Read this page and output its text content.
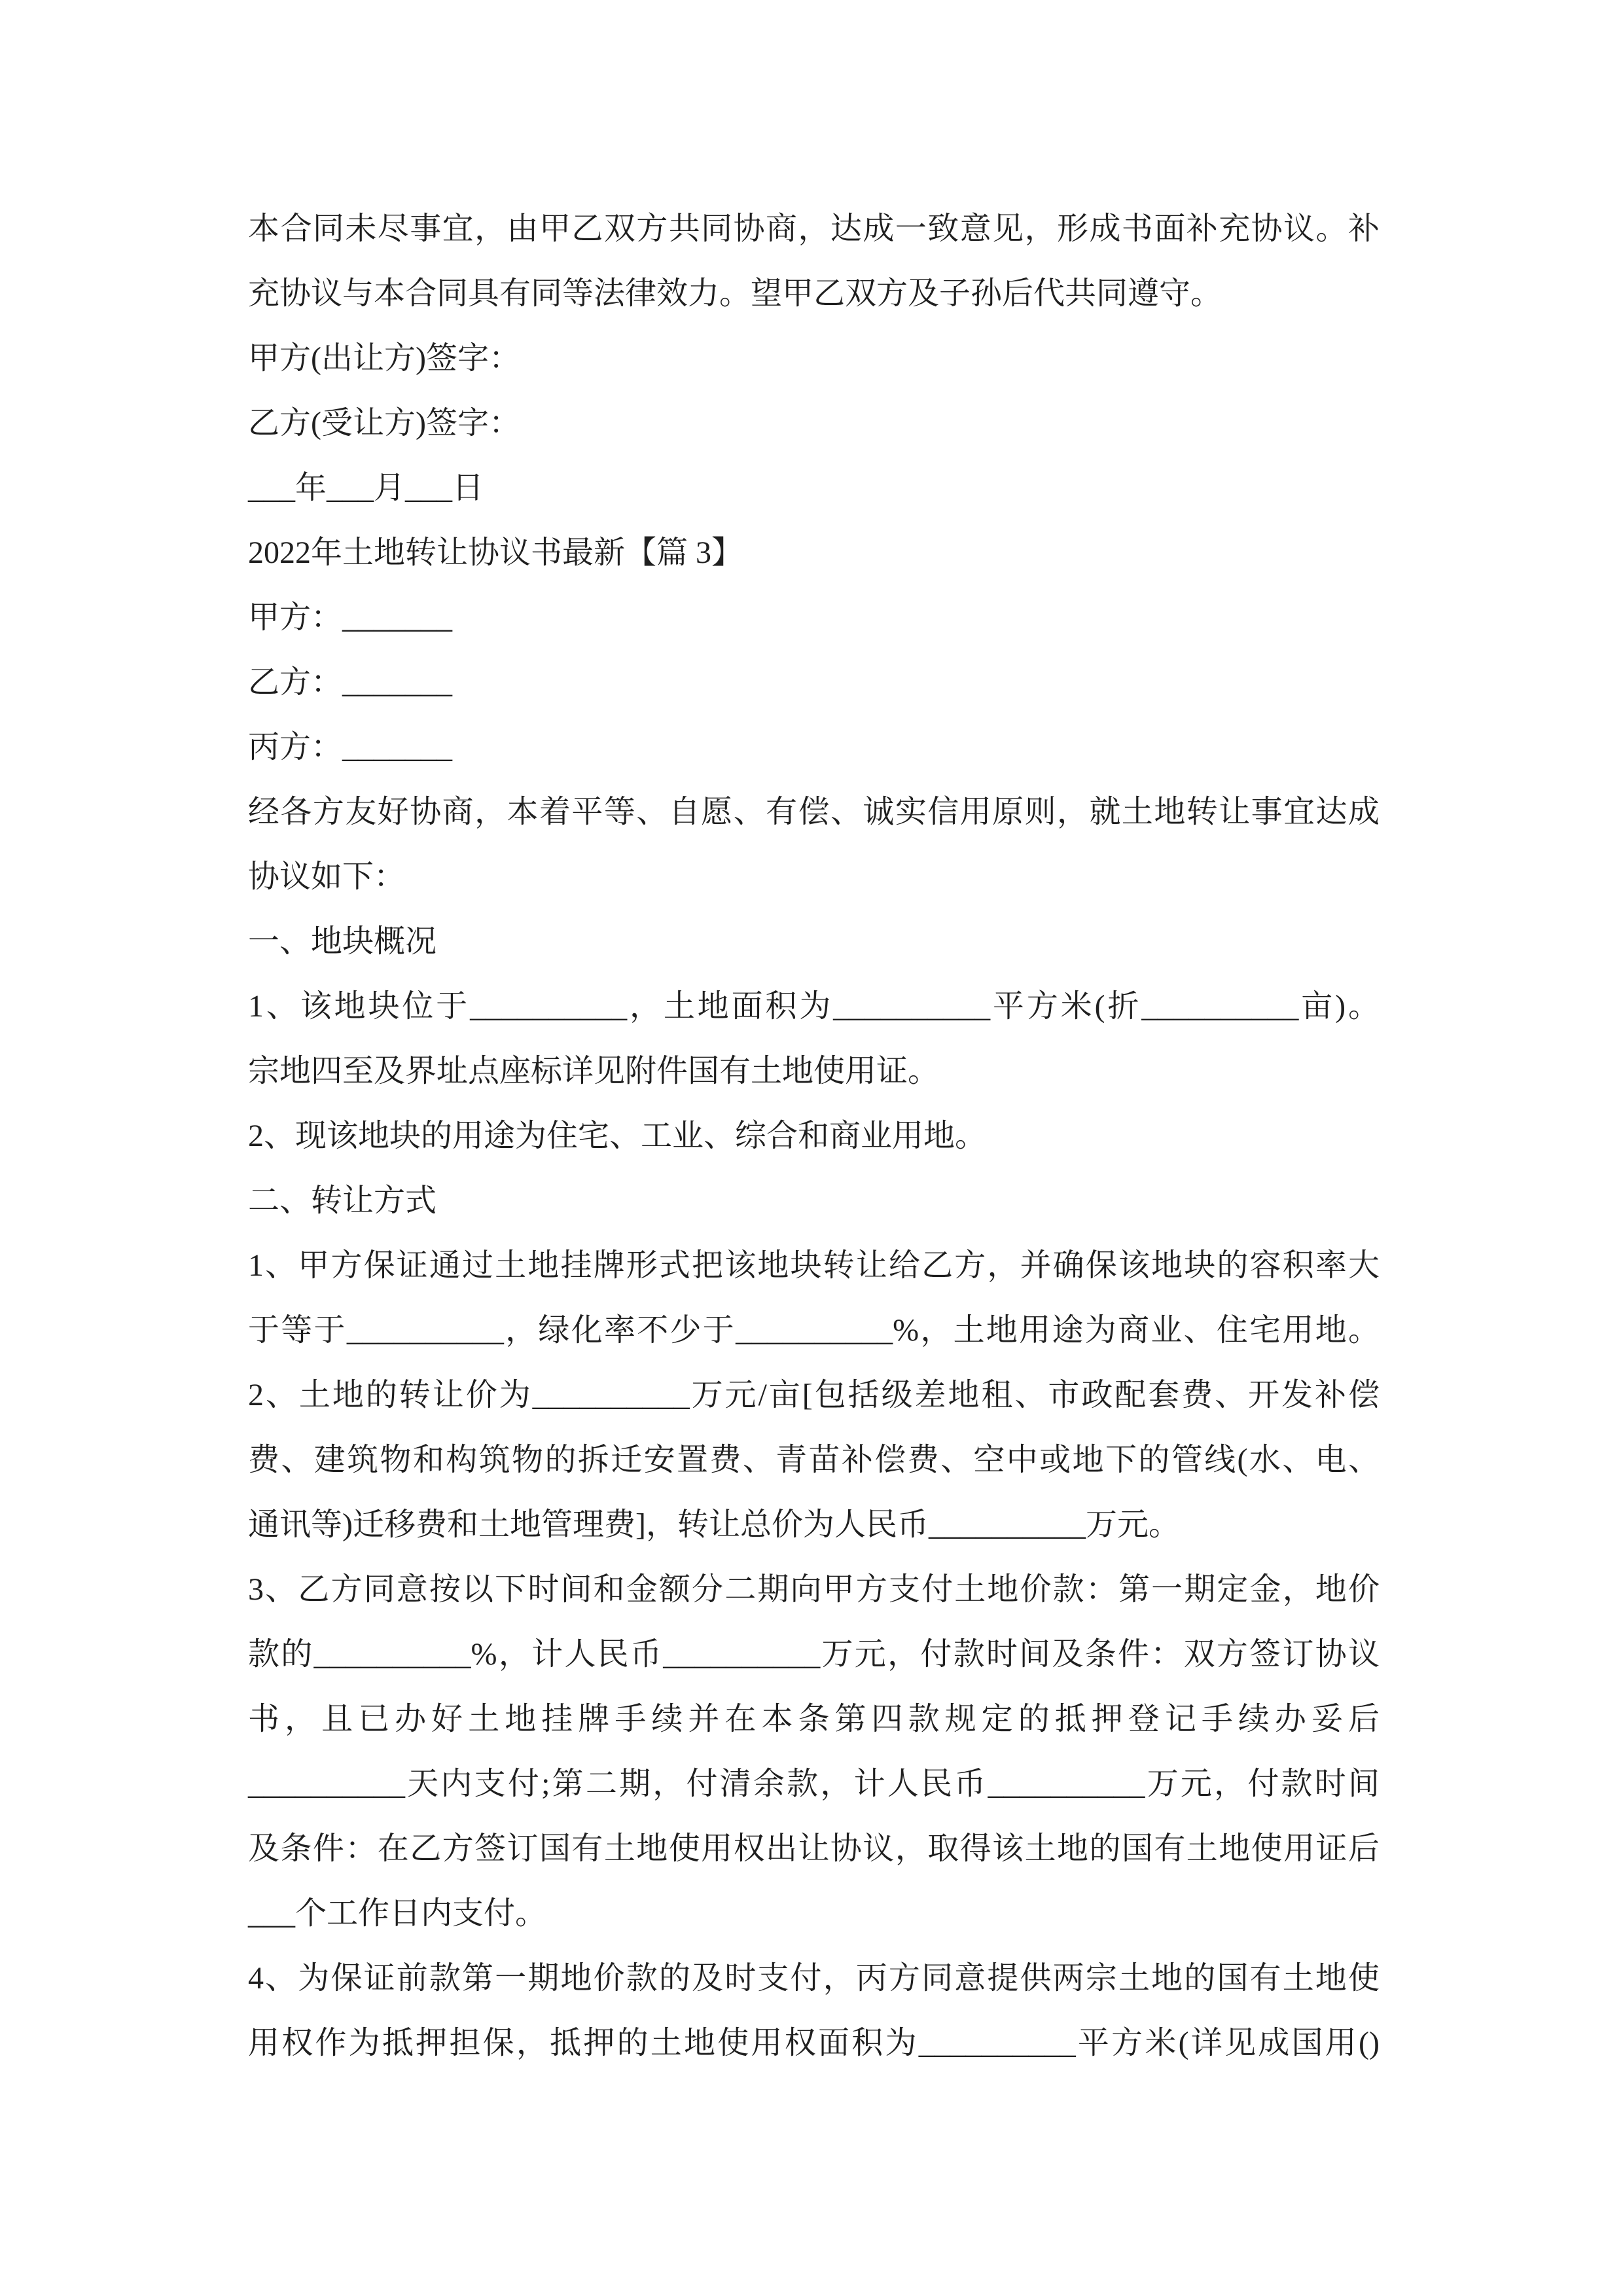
本合同未尽事宜，由甲乙双方共同协商，达成一致意见，形成书面补充协议。补
充协议与本合同具有同等法律效力。望甲乙双方及子孙后代共同遵守。
甲方(出让方)签字：
乙方(受让方)签字：
___年___月___日
2022年土地转让协议书最新【篇 3】
甲方：_______
乙方：_______
丙方：_______
经各方友好协商，本着平等、自愿、有偿、诚实信用原则，就土地转让事宜达成
协议如下：
一、地块概况
1、该地块位于__________，土地面积为__________平方米(折__________亩)。
宗地四至及界址点座标详见附件国有土地使用证。
2、现该地块的用途为住宅、工业、综合和商业用地。
二、转让方式
1、甲方保证通过土地挂牌形式把该地块转让给乙方，并确保该地块的容积率大
于等于__________，绿化率不少于__________%，土地用途为商业、住宅用地。
2、土地的转让价为__________万元/亩[包括级差地租、市政配套费、开发补偿
费、建筑物和构筑物的拆迁安置费、青苗补偿费、空中或地下的管线(水、电、
通讯等)迁移费和土地管理费]，转让总价为人民币__________万元。
3、乙方同意按以下时间和金额分二期向甲方支付土地价款：第一期定金，地价
款的__________%，计人民币__________万元，付款时间及条件：双方签订协议
书，且已办好土地挂牌手续并在本条第四款规定的抵押登记手续办妥后
__________天内支付;第二期，付清余款，计人民币__________万元，付款时间
及条件：在乙方签订国有土地使用权出让协议，取得该土地的国有土地使用证后
___个工作日内支付。
4、为保证前款第一期地价款的及时支付，丙方同意提供两宗土地的国有土地使
用权作为抵押担保，抵押的土地使用权面积为__________平方米(详见成国用()
